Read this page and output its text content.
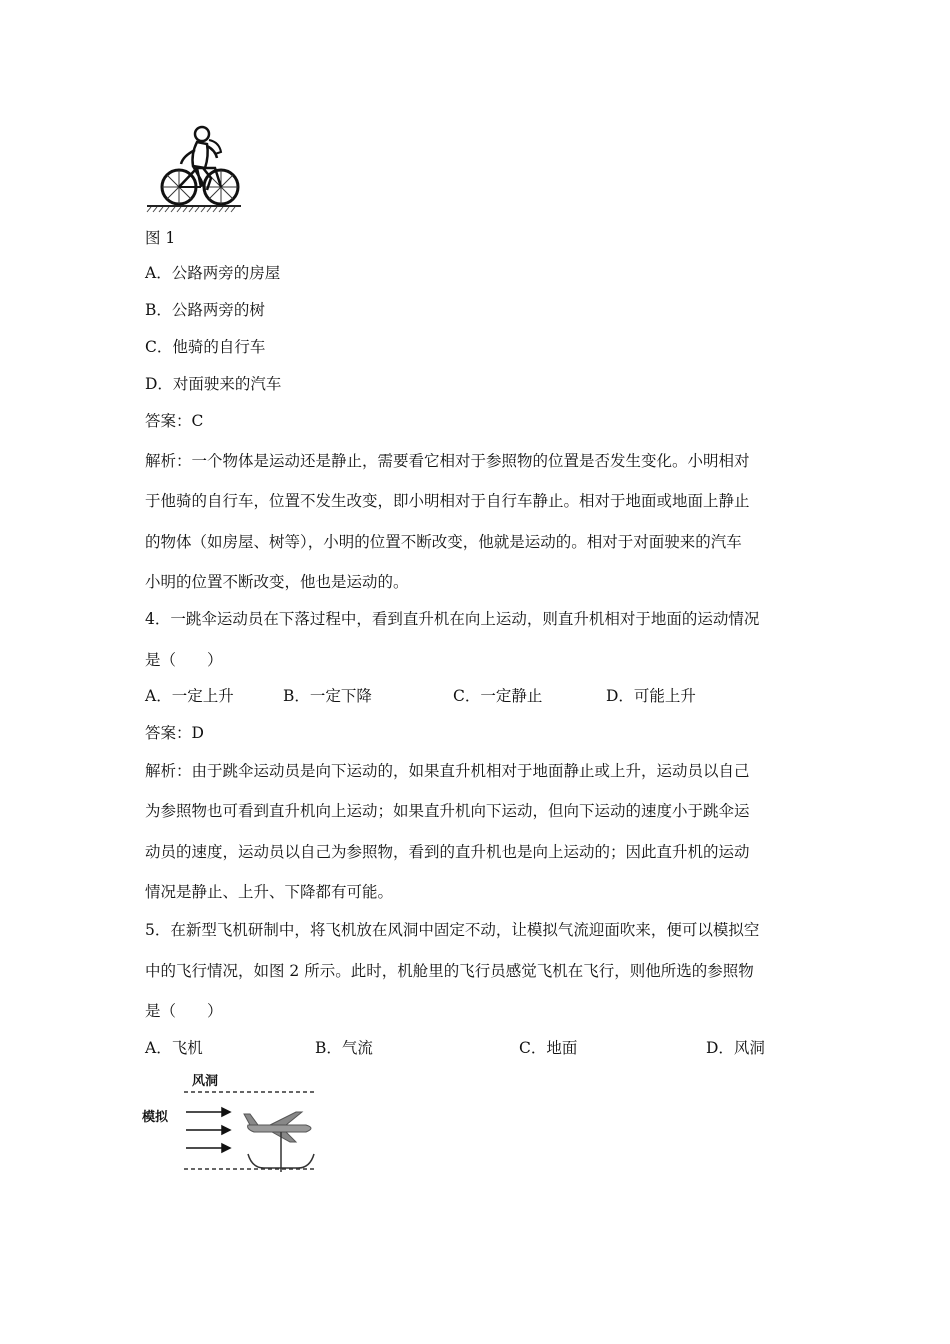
图 1
A．公路两旁的房屋
B．公路两旁的树
C．他骑的自行车
D．对面驶来的汽车
答案：C
解析：一个物体是运动还是静止，需要看它相对于参照物的位置是否发生变化。小明相对
于他骑的自行车，位置不发生改变，即小明相对于自行车静止。相对于地面或地面上静止
的物体（如房屋、树等），小明的位置不断改变，他就是运动的。相对于对面驶来的汽车
小明的位置不断改变，他也是运动的。
4．一跳伞运动员在下落过程中，看到直升机在向上运动，则直升机相对于地面的运动情况
是（　　）
A．一定上升	B．一定下降	C．一定静止	D．可能上升
答案：D
解析：由于跳伞运动员是向下运动的，如果直升机相对于地面静止或上升，运动员以自己
为参照物也可看到直升机向上运动；如果直升机向下运动，但向下运动的速度小于跳伞运
动员的速度，运动员以自己为参照物，看到的直升机也是向上运动的；因此直升机的运动
情况是静止、上升、下降都有可能。
5．在新型飞机研制中，将飞机放在风洞中固定不动，让模拟气流迎面吹来，便可以模拟空
中的飞行情况，如图 2 所示。此时，机舱里的飞行员感觉飞机在飞行，则他所选的参照物
是（　　）
A．飞机	B．气流	C．地面	D．风洞
风洞
模拟
